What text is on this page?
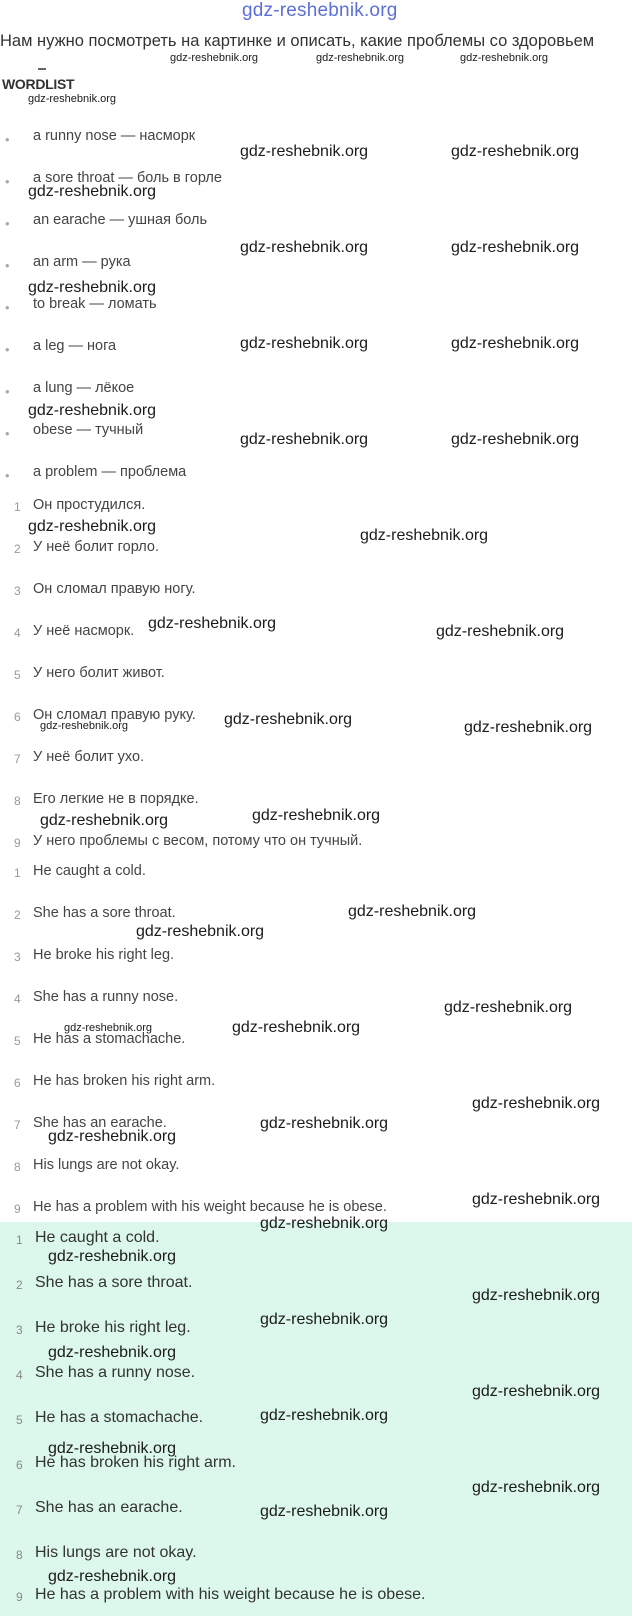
gdz-reshebnik.org
Нам нужно посмотреть на картинке и описать, какие проблемы со здоровьем
WORDLIST
• a runny nose — насморк
• a sore throat — боль в горле
• an earache — ушная боль
• an arm — рука
• to break — ломать
• a leg — нога
• a lung — лёкое
• obese — тучный
• a problem — проблема
1 Он простудился.
2 У неё болит горло.
3 Он сломал правую ногу.
4 У неё насморк.
5 У него болит живот.
6 Он сломал правую руку.
7 У неё болит ухо.
8 Его легкие не в порядке.
9 У него проблемы с весом, потому что он тучный.
1 He caught a cold.
2 She has a sore throat.
3 He broke his right leg.
4 She has a runny nose.
5 He has a stomachache.
6 He has broken his right arm.
7 She has an earache.
8 His lungs are not okay.
9 He has a problem with his weight because he is obese.
1 He caught a cold.
2 She has a sore throat.
3 He broke his right leg.
4 She has a runny nose.
5 He has a stomachache.
6 He has broken his right arm.
7 She has an earache.
8 His lungs are not okay.
9 He has a problem with his weight because he is obese.
gdz-reshebnik.org	gdz-reshebnik.org	gdz-reshebnik.org
gdz-reshebnik.org
gdz-reshebnik.org
gdz-reshebnik.org
gdz-reshebnik.org	gdz-reshebnik.org
gdz-reshebnik.org
gdz-reshebnik.org	gdz-reshebnik.org
gdz-reshebnik.org
gdz-reshebnik.org	gdz-reshebnik.org
gdz-reshebnik.org
gdz-reshebnik.org	gdz-reshebnik.org
gdz-reshebnik.org
gdz-reshebnik.org
gdz-reshebnik.org	gdz-reshebnik.org
gdz-reshebnik.org	gdz-reshebnik.org
gdz-reshebnik.org
gdz-reshebnik.org
gdz-reshebnik.org
gdz-reshebnik.org
gdz-reshebnik.org
gdz-reshebnik.org
gdz-reshebnik.org
gdz-reshebnik.org
gdz-reshebnik.org
gdz-reshebnik.org
gdz-reshebnik.org
gdz-reshebnik.org
gdz-reshebnik.org
gdz-reshebnik.org
gdz-reshebnik.org
gdz-reshebnik.org
gdz-reshebnik.org
gdz-reshebnik.org
gdz-reshebnik.org
gdz-reshebnik.org
gdz-reshebnik.org
